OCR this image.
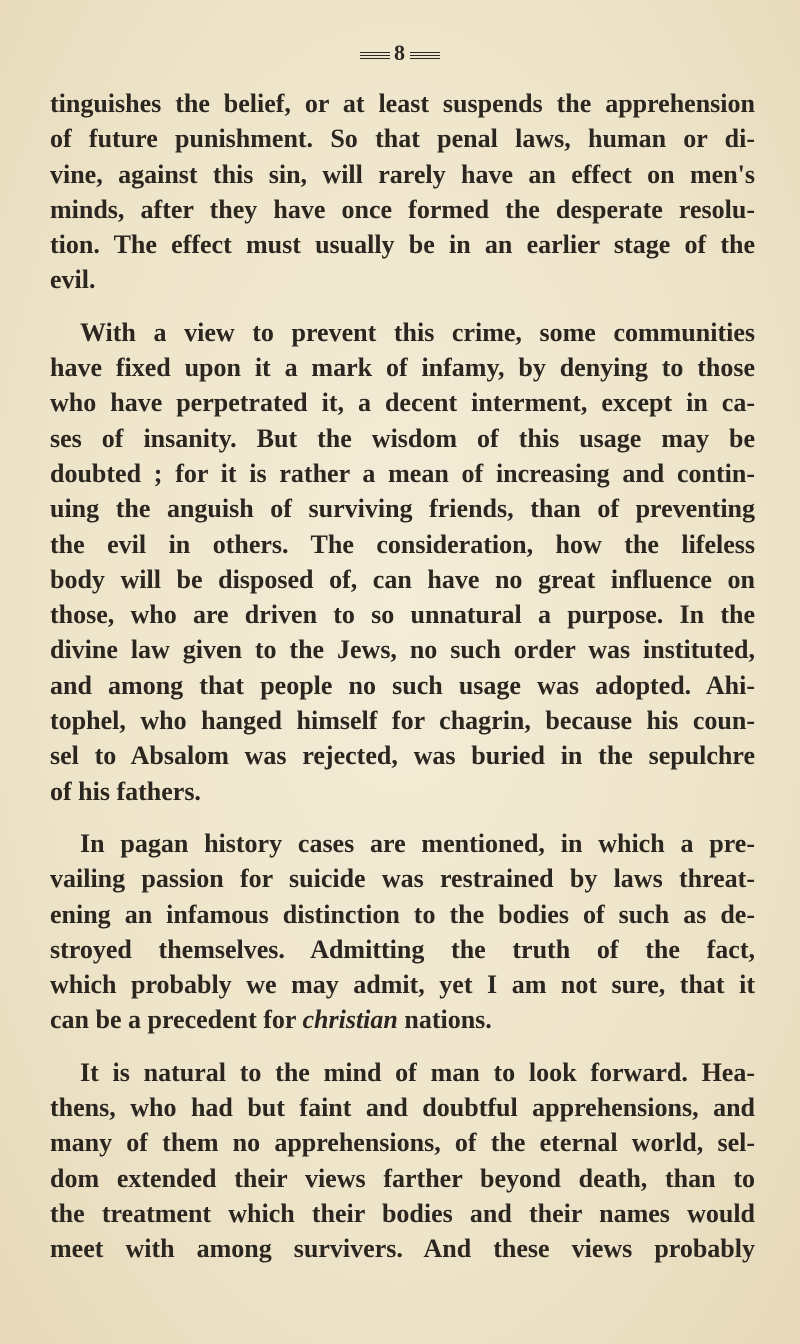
8

tinguishes the belief, or at least suspends the apprehension
of future punishment. So that penal laws, human or di-
vine, against this sin, will rarely have an effect on men's
minds, after they have once formed the desperate resolu-
tion. The effect must usually be in an earlier stage of the
evil.

With a view to prevent this crime, some communities
have fixed upon it a mark of infamy, by denying to those
who have perpetrated it, a decent interment, except in ca-
ses of insanity. But the wisdom of this usage may be
doubted ; for it is rather a mean of increasing and contin-
uing the anguish of surviving friends, than of preventing
the evil in others. The consideration, how the lifeless
body will be disposed of, can have no great influence on
those, who are driven to so unnatural a purpose. In the
divine law given to the Jews, no such order was instituted,
and among that people no such usage was adopted. Ahi-
tophel, who hanged himself for chagrin, because his coun-
sel to Absalom was rejected, was buried in the sepulchre
of his fathers.

In pagan history cases are mentioned, in which a pre-
vailing passion for suicide was restrained by laws threat-
ening an infamous distinction to the bodies of such as de-
stroyed themselves. Admitting the truth of the fact,
which probably we may admit, yet I am not sure, that it
can be a precedent for christian nations.

It is natural to the mind of man to look forward. Hea-
thens, who had but faint and doubtful apprehensions, and
many of them no apprehensions, of the eternal world, sel-
dom extended their views farther beyond death, than to
the treatment which their bodies and their names would
meet with among survivers. And these views probably
